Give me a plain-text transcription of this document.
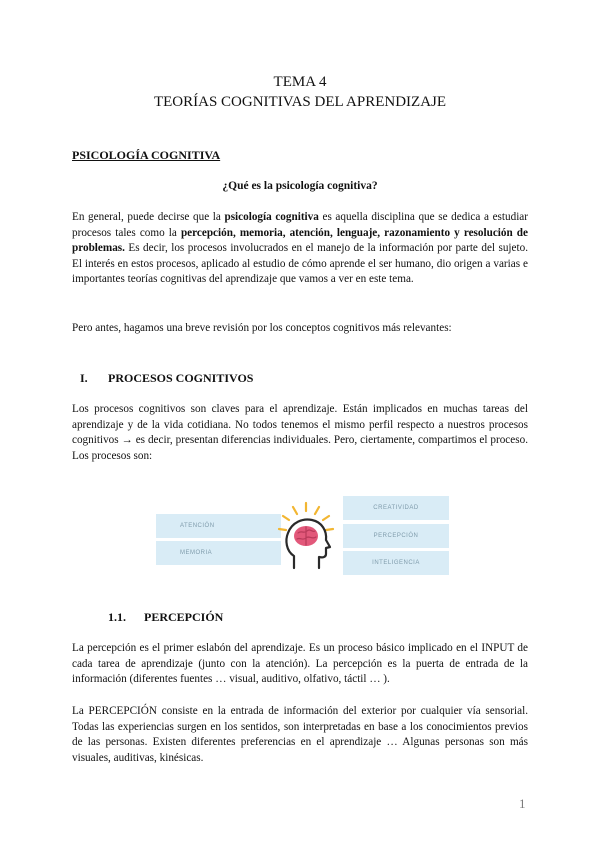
TEMA 4

TEORÍAS COGNITIVAS DEL APRENDIZAJE

PSICOLOGÍA COGNITIVA

¿Qué es la psicología cognitiva?

En general, puede decirse que la psicología cognitiva es aquella disciplina que se dedica a estudiar procesos tales como la percepción, memoria, atención, lenguaje, razonamiento y resolución de problemas. Es decir, los procesos involucrados en el manejo de la información por parte del sujeto. El interés en estos procesos, aplicado al estudio de cómo aprende el ser humano, dio origen a varias e importantes teorías cognitivas del aprendizaje que vamos a ver en este tema.

Pero antes, hagamos una breve revisión por los conceptos cognitivos más relevantes:

I. PROCESOS COGNITIVOS

Los procesos cognitivos son claves para el aprendizaje. Están implicados en muchas tareas del aprendizaje y de la vida cotidiana. No todos tenemos el mismo perfil respecto a nuestros procesos cognitivos → es decir, presentan diferencias individuales. Pero, ciertamente, compartimos el proceso. Los procesos son:

ATENCIÓN
MEMORIA
CREATIVIDAD
PERCEPCIÓN
INTELIGENCIA

1.1. PERCEPCIÓN

La percepción es el primer eslabón del aprendizaje. Es un proceso básico implicado en el INPUT de cada tarea de aprendizaje (junto con la atención). La percepción es la puerta de entrada de la información (diferentes fuentes … visual, auditivo, olfativo, táctil … ).

La PERCEPCIÓN consiste en la entrada de información del exterior por cualquier vía sensorial. Todas las experiencias surgen en los sentidos, son interpretadas en base a los conocimientos previos de las personas. Existen diferentes preferencias en el aprendizaje … Algunas personas son más visuales, auditivas, kinésicas.

1
